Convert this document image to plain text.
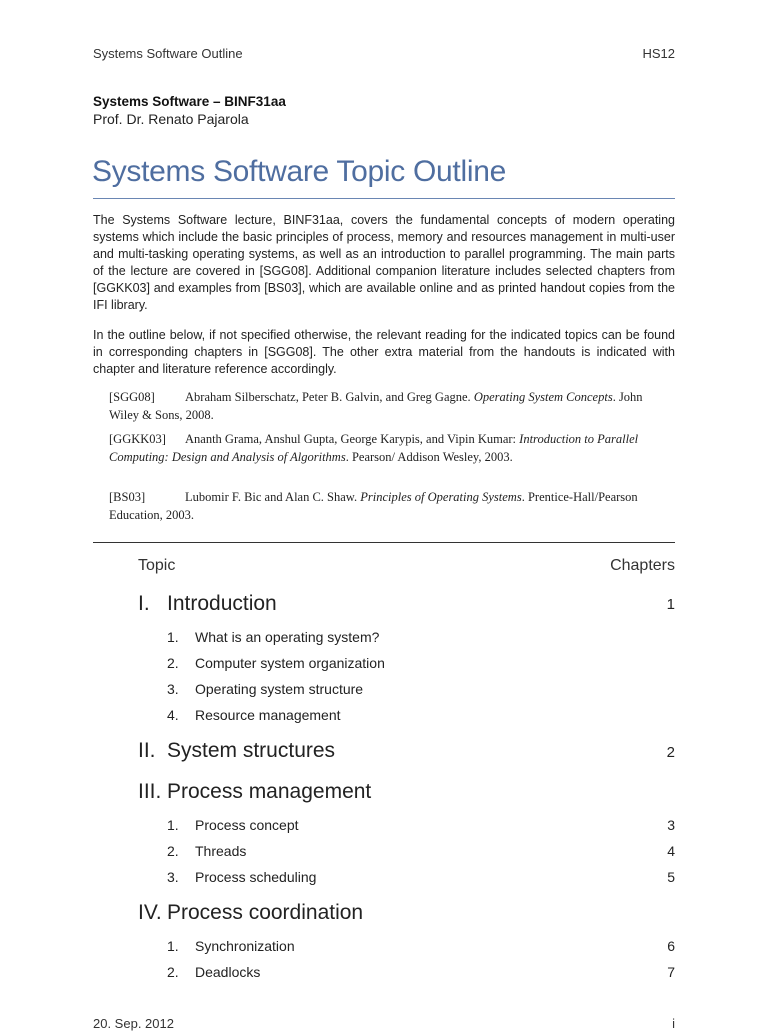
Systems Software Outline	HS12
Systems Software – BINF31aa
Prof. Dr. Renato Pajarola
Systems Software Topic Outline
The Systems Software lecture, BINF31aa, covers the fundamental concepts of modern operating systems which include the basic principles of process, memory and resources management in multi-user and multi-tasking operating systems, as well as an introduction to parallel programming. The main parts of the lecture are covered in [SGG08]. Additional companion literature includes selected chapters from [GGKK03] and examples from [BS03], which are available online and as printed handout copies from the IFI library.
In the outline below, if not specified otherwise, the relevant reading for the indicated topics can be found in corresponding chapters in [SGG08]. The other extra material from the handouts is indicated with chapter and literature reference accordingly.
[SGG08] Abraham Silberschatz, Peter B. Galvin, and Greg Gagne. Operating System Concepts. John Wiley & Sons, 2008.
[GGKK03] Ananth Grama, Anshul Gupta, George Karypis, and Vipin Kumar: Introduction to Parallel Computing: Design and Analysis of Algorithms. Pearson/ Addison Wesley, 2003.
[BS03]	Lubomir F. Bic and Alan C. Shaw. Principles of Operating Systems. Prentice-Hall/Pearson Education, 2003.
Topic	Chapters
I. Introduction	1
1. What is an operating system?
2. Computer system organization
3. Operating system structure
4. Resource management
II. System structures	2
III. Process management
1. Process concept	3
2. Threads	4
3. Process scheduling	5
IV. Process coordination
1. Synchronization	6
2. Deadlocks	7
20. Sep. 2012	i
